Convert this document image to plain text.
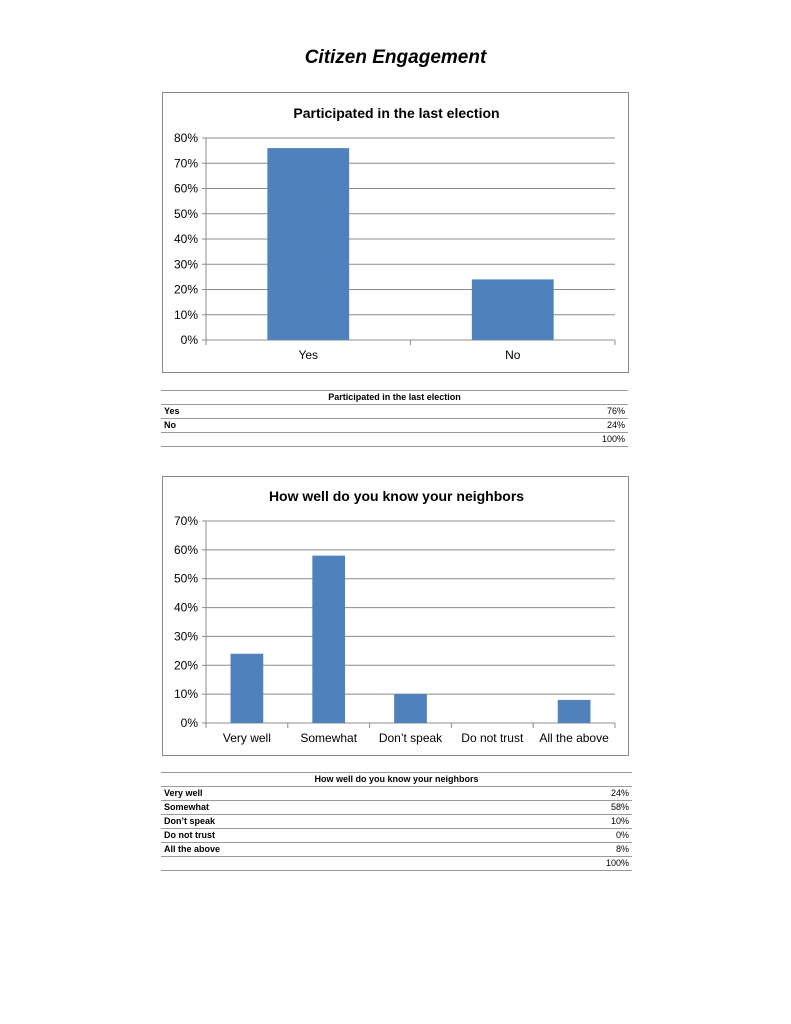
Citizen Engagement
Participated in the last election
0%
10%
20%
30%
40%
50%
60%
70%
80%
Yes	No
Participated in the last election	
Yes	76%
No	24%
	100%
How well do you know your neighbors
0%
10%
20%
30%
40%
50%
60%
70%
Very well Somewhat Don’t speak Do not trust All the above
How well do you know your neighbors	
Very well	24%
Somewhat	58%
Don’t speak	10%
Do not trust	0%
All the above	8%
	100%
